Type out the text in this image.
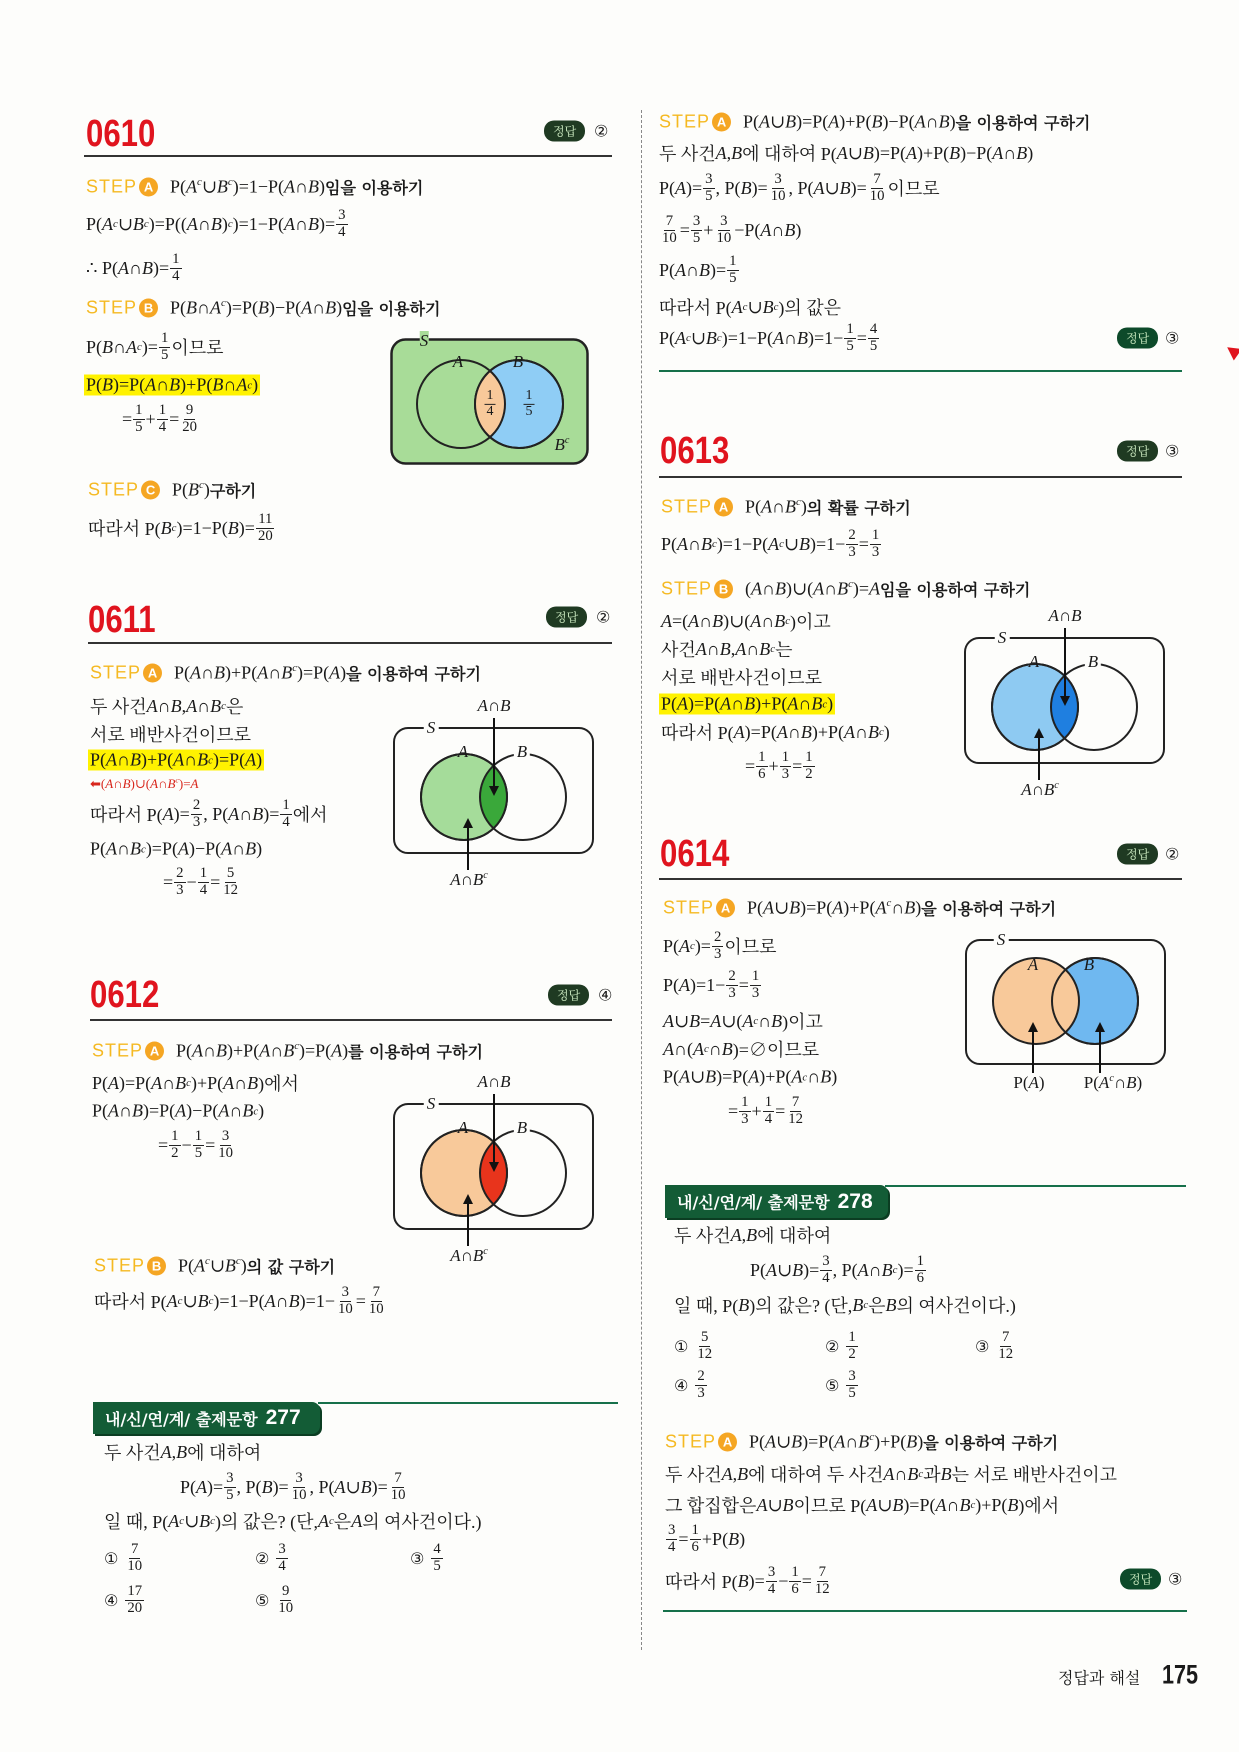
0610	정답	②
STEP A $P(A^c\cup B^c)=1-P(A\cap B)$ 임을 이용하기
P( A c ∪ B c )=P(( A ∩ B ) c )=1−P( A ∩ B )= $\frac{3}{4}$
∴ P( A ∩ B )= $\frac{1}{4}$
STEP B $P(B\cap A^c)=P(B)-P(A\cap B)$ 임을 이용하기
P( B ∩ A c )= $\frac{1}{5}$ 이므로
P( B )=P( A ∩ B )+P( B ∩ A c )
= $\frac{1}{5} + \frac{1}{4} = \frac{9}{20}$
STEP C $P(B^c)$ 구하기
따라서 P( B c )=1−P( B )= $\frac{11}{20}$
S
A	B
$\frac{1}{4} \frac{1}{5}$
$B^c$
0611	정답	②
STEP A $P(A\cap B)+P(A\cap B^c)=P(A)$ 을 이용하여 구하기
두 사건 A ∩ B , A ∩ B c 은
서로 배반사건이므로
P( A ∩ B )+P( A ∩ B c )=P( A )
⬅ $(A\cap B)\cup(A\cap B^c)=A$
따라서 P( A )= $\frac{2}{3}$ , P( A ∩ B )= $\frac{1}{4}$ 에서
P( A ∩ B c )=P( A )−P( A ∩ B )
= $\frac{2}{3} - \frac{1}{4} = \frac{5}{12}$
A∩B
S
A	B
$A\cap B^c$
0612	정답	④
STEP A $P(A\cap B)+P(A\cap B^c)=P(A)$ 를 이용하여 구하기
P( A )=P( A ∩ B c )+P( A ∩ B )에서
P( A ∩ B )=P( A )−P( A ∩ B c )
= $\frac{1}{2} - \frac{1}{5} = \frac{3}{10}$
STEP B $P(A^c\cup B^c)$ 의 값 구하기
따라서 P( A c ∪ B c )=1−P( A ∩ B )$=1- \frac{3}{10} = \frac{7}{10}$
A∩B
S
A	B
$A\cap B^c$
내/신/연/계/ 출제문항 277
두 사건 A , B 에 대하여
P( A )= $\frac{3}{5}$ , P( B )= $\frac{3}{10}$ , P( A ∪ B )= $\frac{7}{10}$
일 때, P( A c ∪ B c )의 값은? (단, A c 은 A 의 여사건이다.)
① $\frac{7}{10}$	② $\frac{3}{4}$	③ $\frac{4}{5}$
④ $\frac{17}{20}$	⑤ $\frac{9}{10}$
STEP A P(A∪B)=P(A)+P(B)−P(A∩B) 을 이용하여 구하기
두 사건 A , B 에 대하여 P( A ∪ B )=P( A )+P( B )−P( A ∩ B )
P( A )= $\frac{3}{5}$ , P( B )= $\frac{3}{10}$ , P( A ∪ B )= $\frac{7}{10}$ 이므로
$\frac{7}{10} = \frac{3}{5} + \frac{3}{10} -P$( A ∩ B )
P( A ∩ B )= $\frac{1}{5}$
따라서 P( A c ∪ B c )의 값은
P( A c ∪ B c )=1−P( A ∩ B )$=1- \frac{1}{5} = \frac{4}{5}$	정답 ③
0613	정답 ③
STEP A $P(A\cap B^c)$ 의 확률 구하기
P( A ∩ B c )=1−P( A c ∪ B )$=1- \frac{2}{3} = \frac{1}{3}$
STEP B $(A\cap B)\cup(A\cap B^c)=A$ 임을 이용하여 구하기
A =( A ∩ B )∪( A ∩ B c )이고
사건 A ∩ B , A ∩ B c 는
서로 배반사건이므로
P( A )=P( A ∩ B )+P( A ∩ B c )
따라서 P( A )=P( A ∩ B )+P( A ∩ B c )
= $\frac{1}{6} + \frac{1}{3} = \frac{1}{2}$
A∩B
S
A	B
$A\cap B^c$
0614	정답 ②
STEP A $P(A\cup B)=P(A)+P(A^c\cap B)$ 을 이용하여 구하기
P( A c )= $\frac{2}{3}$ 이므로
P( A )$=1- \frac{2}{3} = \frac{1}{3}$
A ∪ B = A ∪( A c ∩ B )이고
A ∩( A c ∩ B )=∅이므로
P( A ∪ B )=P( A )+P( A c ∩ B )
= $\frac{1}{3} + \frac{1}{4} = \frac{7}{12}$
S
A	B
P(A) $P(A^c\cap B)$
내/신/연/계/ 출제문항 278
두 사건 A , B 에 대하여
P( A ∪ B )= $\frac{3}{4}$ , P( A ∩ B c )= $\frac{1}{6}$
일 때, P( B )의 값은? (단, B c 은 B 의 여사건이다.)
① $\frac{5}{12}$	② $\frac{1}{2}$	③ $\frac{7}{12}$
④ $\frac{2}{3}$	⑤ $\frac{3}{5}$
STEP A $P(A\cup B)=P(A\cap B^c)+P(B)$ 을 이용하여 구하기
두 사건 A , B 에 대하여 두 사건 A ∩ B c 과 B 는 서로 배반사건이고
그 합집합은 A ∪ B 이므로 P( A ∪ B )=P( A ∩ B c )+P( B )에서
$\frac{3}{4} = \frac{1}{6} +P$( B )
따라서 P( B )= $\frac{3}{4} - \frac{1}{6} = \frac{7}{12}$	정답 ③
정답과 해설 175
